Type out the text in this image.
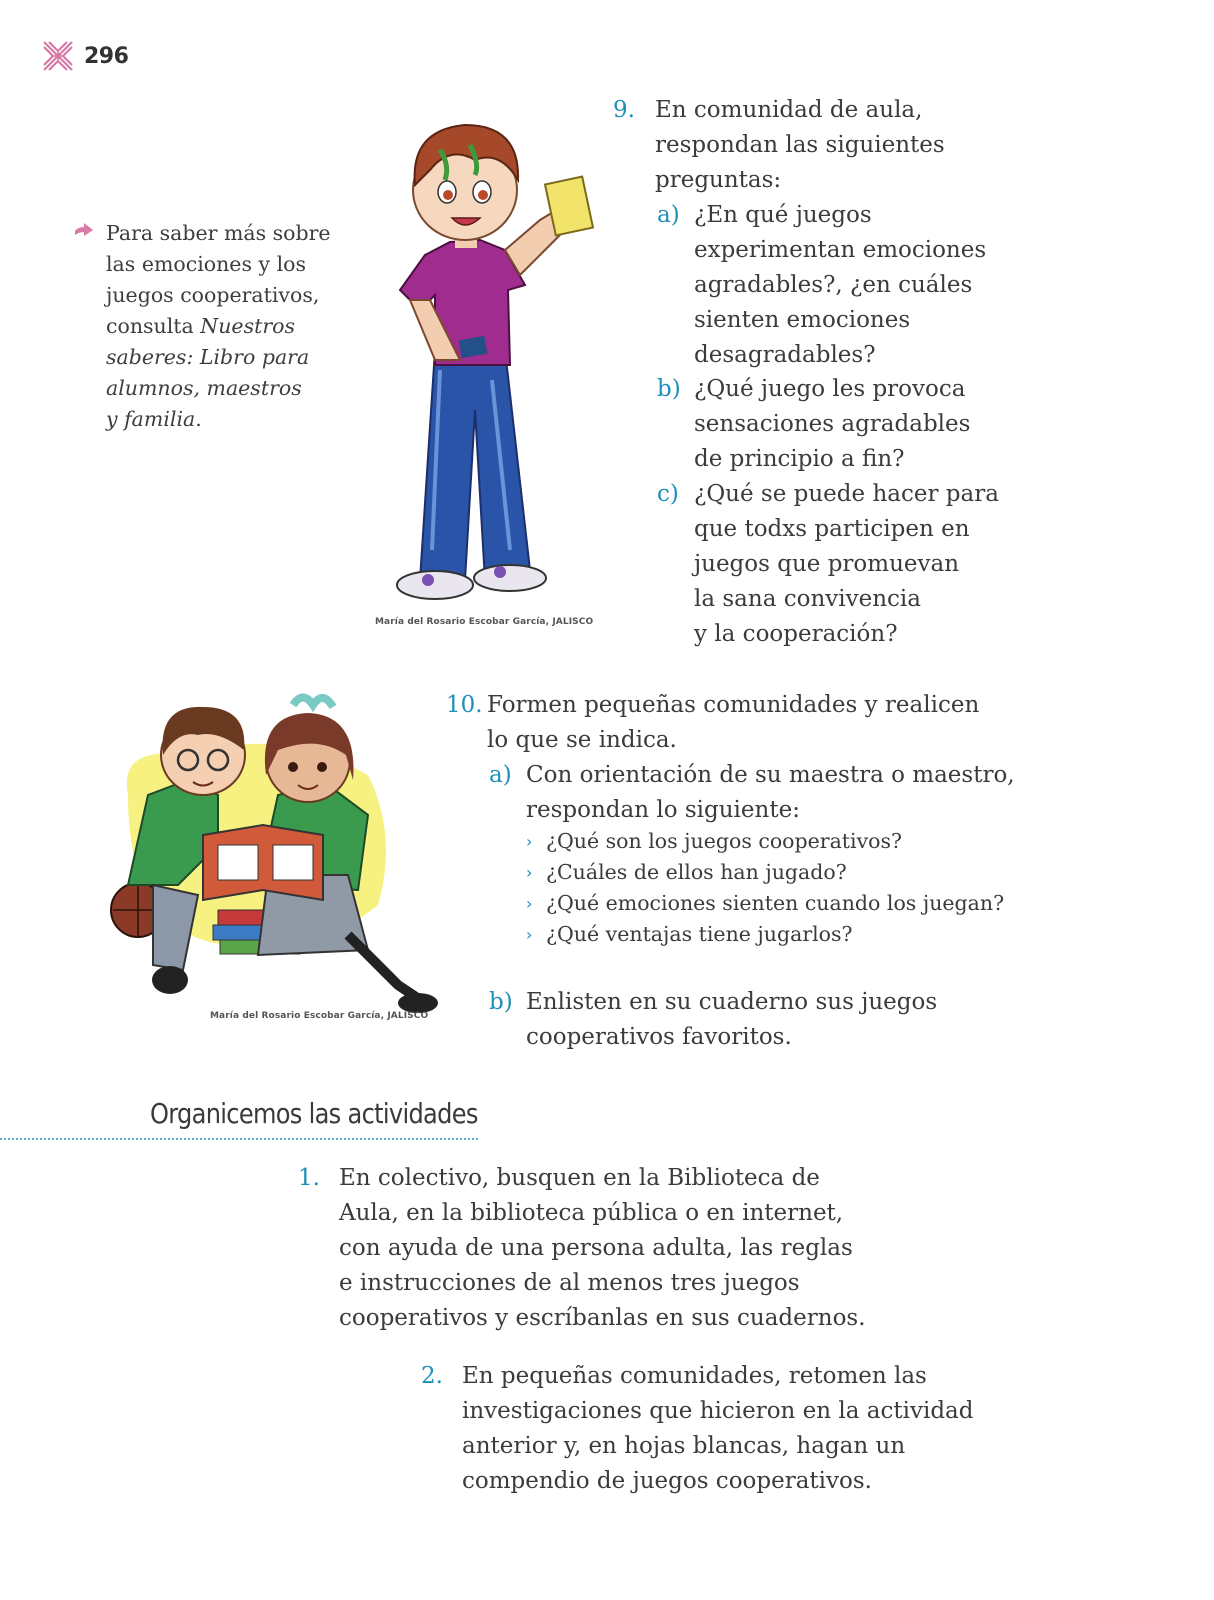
296
Para saber más sobre
las emociones y los
juegos cooperativos,
consulta Nuestros
saberes: Libro para
alumnos, maestros
y familia.
María del Rosario Escobar García, JALISCO
9. En comunidad de aula,
respondan las siguientes
preguntas:
a) ¿En qué juegos
experimentan emociones
agradables?, ¿en cuáles
sienten emociones
desagradables?
b) ¿Qué juego les provoca
sensaciones agradables
de principio a fin?
c) ¿Qué se puede hacer para
que todxs participen en
juegos que promuevan
la sana convivencia
y la cooperación?
María del Rosario Escobar García, JALISCO
10. Formen pequeñas comunidades y realicen
lo que se indica.
a) Con orientación de su maestra o maestro,
respondan lo siguiente:
› ¿Qué son los juegos cooperativos?
› ¿Cuáles de ellos han jugado?
› ¿Qué emociones sienten cuando los juegan?
› ¿Qué ventajas tiene jugarlos?
b) Enlisten en su cuaderno sus juegos
cooperativos favoritos.
Organicemos las actividades
1. En colectivo, busquen en la Biblioteca de
Aula, en la biblioteca pública o en internet,
con ayuda de una persona adulta, las reglas
e instrucciones de al menos tres juegos
cooperativos y escríbanlas en sus cuadernos.
2. En pequeñas comunidades, retomen las
investigaciones que hicieron en la actividad
anterior y, en hojas blancas, hagan un
compendio de juegos cooperativos.
